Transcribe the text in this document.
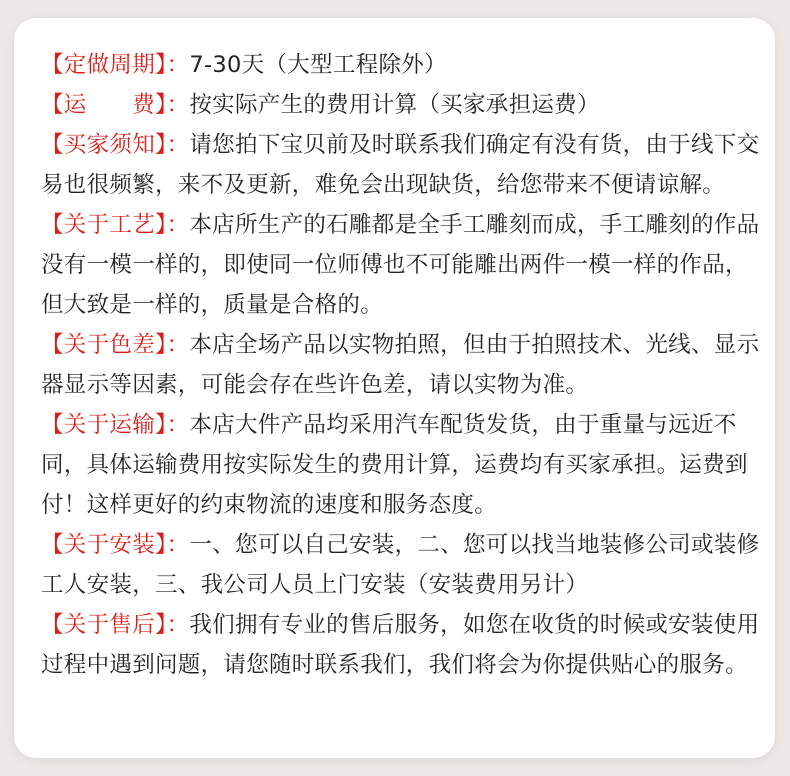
【定做周期】：7-30天（大型工程除外）
【运　　费】：按实际产生的费用计算（买家承担运费）
【买家须知】：请您拍下宝贝前及时联系我们确定有没有货，由于线下交易也很频繁，来不及更新，难免会出现缺货，给您带来不便请谅解。
【关于工艺】：本店所生产的石雕都是全手工雕刻而成，手工雕刻的作品没有一模一样的，即使同一位师傅也不可能雕出两件一模一样的作品，但大致是一样的，质量是合格的。
【关于色差】：本店全场产品以实物拍照，但由于拍照技术、光线、显示器显示等因素，可能会存在些许色差，请以实物为准。
【关于运输】：本店大件产品均采用汽车配货发货，由于重量与远近不同，具体运输费用按实际发生的费用计算，运费均有买家承担。运费到付！这样更好的约束物流的速度和服务态度。
【关于安装】：一、您可以自己安装，二、您可以找当地装修公司或装修工人安装，三、我公司人员上门安装（安装费用另计）
【关于售后】：我们拥有专业的售后服务，如您在收货的时候或安装使用过程中遇到问题，请您随时联系我们，我们将会为你提供贴心的服务。
